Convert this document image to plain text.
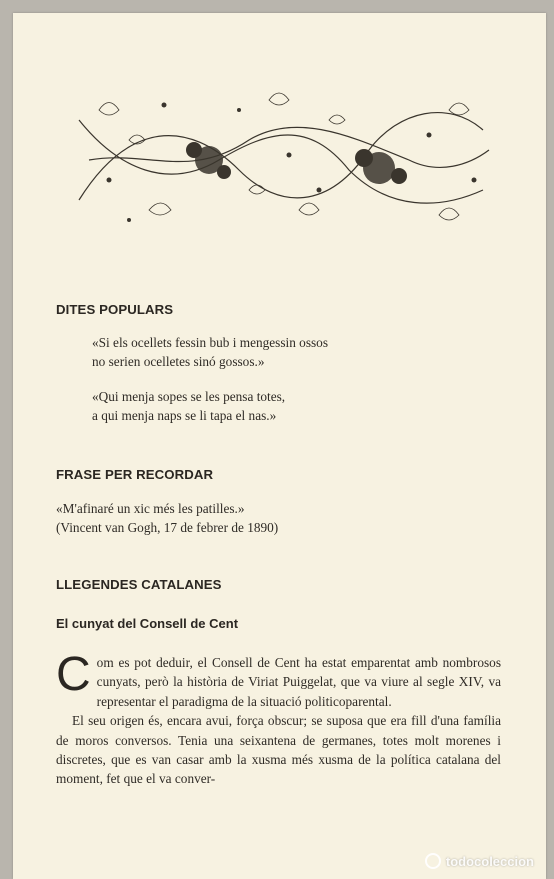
DITES POPULARS
«Si els ocellets fessin bub i mengessin ossos
no serien ocelletes sinó gossos.»
«Qui menja sopes se les pensa totes,
a qui menja naps se li tapa el nas.»
FRASE PER RECORDAR
«M'afinaré un xic més les patilles.»
(Vincent van Gogh, 17 de febrer de 1890)
LLEGENDES CATALANES
El cunyat del Consell de Cent

Com es pot deduir, el Consell de Cent ha estat emparentat amb nombrosos cunyats, però la història de Viriat Puiggelat, que va viure al segle XIV, va representar el paradigma de la situació politicoparental.

El seu origen és, encara avui, força obscur; se suposa que era fill d'una família de moros conversos. Tenia una seixantena de germanes, totes molt morenes i discretes, que es van casar amb la xusma més xusma de la política catalana del moment, fet que el va conver-

todocoleccion
